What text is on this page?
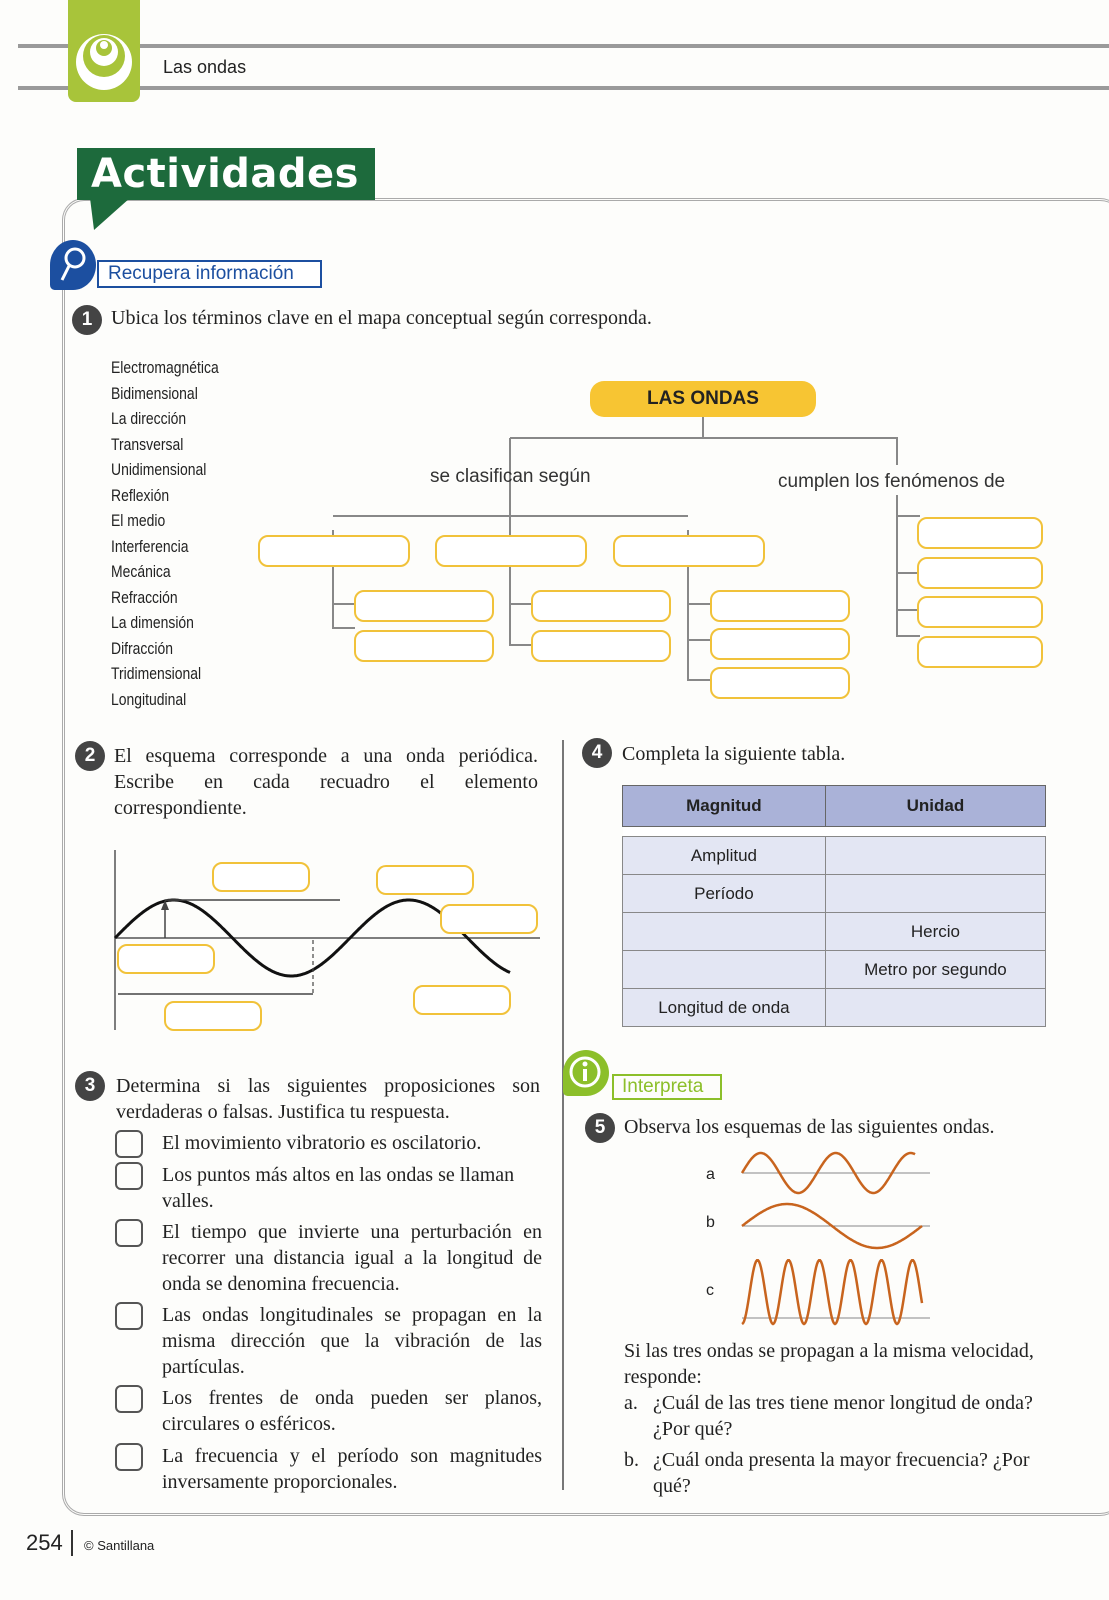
Las ondas
Actividades
Recupera información
1 Ubica los términos clave en el mapa conceptual según corresponda.
Electromagnética
Bidimensional
La dirección
Transversal
Unidimensional
Reflexión
El medio
Interferencia
Mecánica
Refracción
La dimensión
Difracción
Tridimensional
Longitudinal
LAS ONDAS
se clasifican según	cumplen los fenómenos de
2 El esquema corresponde a una onda periódica. Escribe en cada recuadro el elemento correspondiente.
3	Determina si las siguientes proposiciones son verdaderas o falsas. Justifica tu respuesta.
El movimiento vibratorio es oscilatorio.
Los puntos más altos en las ondas se llaman valles.
El tiempo que invierte una perturbación en recorrer una distancia igual a la longitud de onda se denomina frecuencia.
Las ondas longitudinales se propagan en la misma dirección que la vibración de las partículas.
Los frentes de onda pueden ser planos, circulares o esféricos.
La frecuencia y el período son magnitudes inversamente proporcionales.
4 Completa la siguiente tabla.
Magnitud	Unidad

Amplitud	
Período	
	Hercio
	Metro por segundo
Longitud de onda	
Interpreta
5 Observa los esquemas de las siguientes ondas.
a
b
c
Si las tres ondas se propagan a la misma velocidad, responde:
a. ¿Cuál de las tres tiene menor longitud de onda? ¿Por qué?
b. ¿Cuál onda presenta la mayor frecuencia? ¿Por qué?
254	© Santillana
